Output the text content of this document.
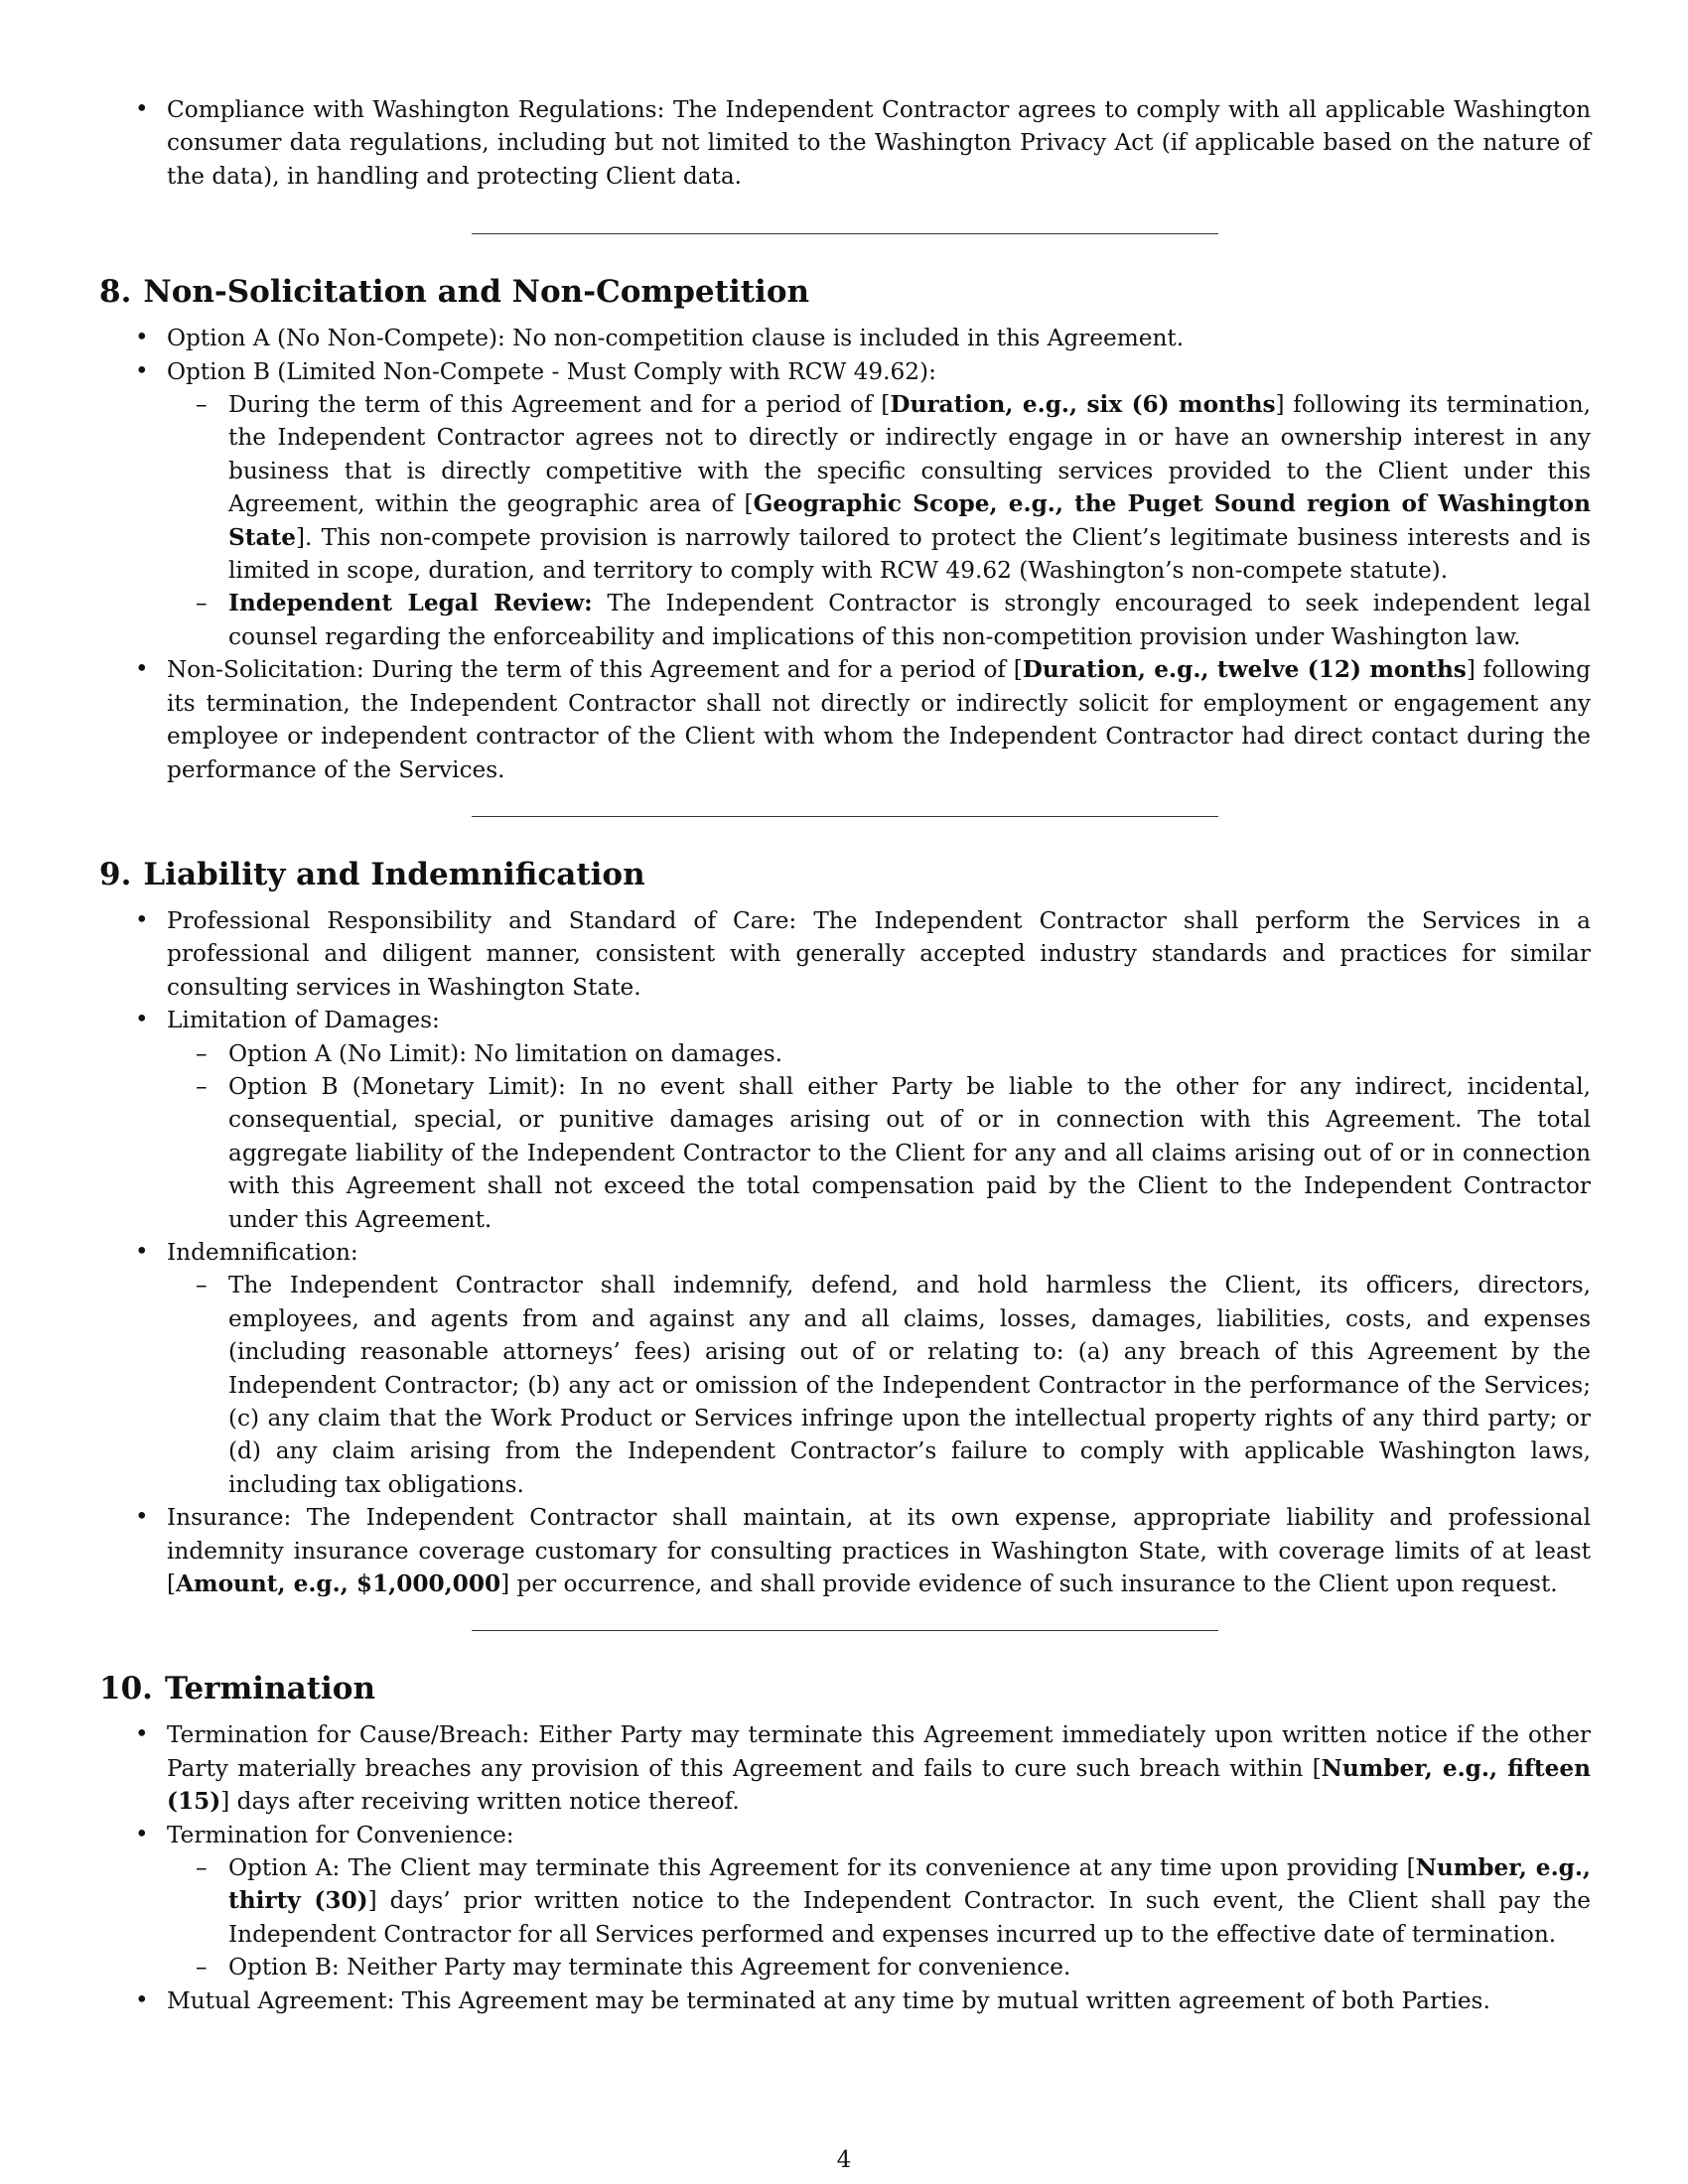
• Compliance with Washington Regulations: The Independent Contractor agrees to comply with all applicable Washington consumer data regulations, including but not limited to the Washington Privacy Act (if applicable based on the nature of the data), in handling and protecting Client data.
8. Non-Solicitation and Non-Competition
• Option A (No Non-Compete): No non-competition clause is included in this Agreement.
• Option B (Limited Non-Compete - Must Comply with RCW 49.62):
– During the term of this Agreement and for a period of [Duration, e.g., six (6) months] following its termination, the Independent Contractor agrees not to directly or indirectly engage in or have an ownership interest in any business that is directly competitive with the specific consulting services provided to the Client under this Agreement, within the geographic area of [Geographic Scope, e.g., the Puget Sound region of Washington State]. This non-compete provision is narrowly tailored to protect the Client’s legitimate business interests and is limited in scope, duration, and territory to comply with RCW 49.62 (Washington’s non-compete statute).
– Independent Legal Review: The Independent Contractor is strongly encouraged to seek independent legal counsel regarding the enforceability and implications of this non-competition provision under Washington law.
• Non-Solicitation: During the term of this Agreement and for a period of [Duration, e.g., twelve (12) months] following its termination, the Independent Contractor shall not directly or indirectly solicit for employment or engagement any employee or independent contractor of the Client with whom the Independent Contractor had direct contact during the performance of the Services.
9. Liability and Indemnification
• Professional Responsibility and Standard of Care: The Independent Contractor shall perform the Services in a professional and diligent manner, consistent with generally accepted industry standards and practices for similar consulting services in Washington State.
• Limitation of Damages:
– Option A (No Limit): No limitation on damages.
– Option B (Monetary Limit): In no event shall either Party be liable to the other for any indirect, incidental, consequential, special, or punitive damages arising out of or in connection with this Agreement. The total aggregate liability of the Independent Contractor to the Client for any and all claims arising out of or in connection with this Agreement shall not exceed the total compensation paid by the Client to the Independent Contractor under this Agreement.
• Indemnification:
– The Independent Contractor shall indemnify, defend, and hold harmless the Client, its officers, directors, employees, and agents from and against any and all claims, losses, damages, liabilities, costs, and expenses (including reasonable attorneys’ fees) arising out of or relating to: (a) any breach of this Agreement by the Independent Contractor; (b) any act or omission of the Independent Contractor in the performance of the Services; (c) any claim that the Work Product or Services infringe upon the intellectual property rights of any third party; or (d) any claim arising from the Independent Contractor’s failure to comply with applicable Washington laws, including tax obligations.
• Insurance: The Independent Contractor shall maintain, at its own expense, appropriate liability and professional indemnity insurance coverage customary for consulting practices in Washington State, with coverage limits of at least [Amount, e.g., $1,000,000] per occurrence, and shall provide evidence of such insurance to the Client upon request.
10. Termination
• Termination for Cause/Breach: Either Party may terminate this Agreement immediately upon written notice if the other Party materially breaches any provision of this Agreement and fails to cure such breach within [Number, e.g., fifteen (15)] days after receiving written notice thereof.
• Termination for Convenience:
– Option A: The Client may terminate this Agreement for its convenience at any time upon providing [Number, e.g., thirty (30)] days’ prior written notice to the Independent Contractor. In such event, the Client shall pay the Independent Contractor for all Services performed and expenses incurred up to the effective date of termination.
– Option B: Neither Party may terminate this Agreement for convenience.
• Mutual Agreement: This Agreement may be terminated at any time by mutual written agreement of both Parties.
4
